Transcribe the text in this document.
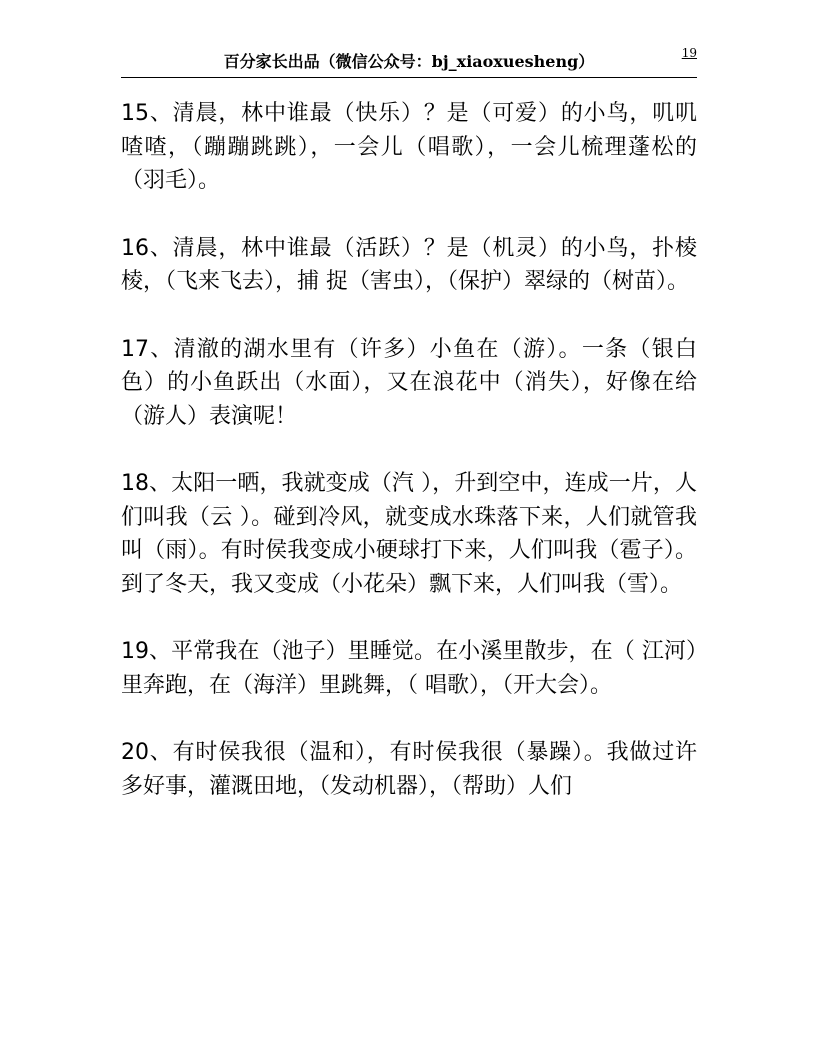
百分家长出品（微信公众号：bj_xiaoxuesheng）	19

15、清晨，林中谁最（快乐）？是（可爱）的小鸟，叽叽喳喳，（蹦蹦跳跳），一会儿（唱歌），一会儿梳理蓬松的（羽毛）。

16、清晨，林中谁最（活跃）？是（机灵）的小鸟，扑棱棱，（飞来飞去），捕 捉（害虫），（保护）翠绿的（树苗）。

17、清澈的湖水里有（许多）小鱼在（游）。一条（银白色）的小鱼跃出（水面），又在浪花中（消失），好像在给（游人）表演呢！

18、太阳一晒，我就变成（汽 ），升到空中，连成一片，人们叫我（云 ）。碰到冷风，就变成水珠落下来，人们就管我叫（雨）。有时侯我变成小硬球打下来，人们叫我（雹子）。到了冬天，我又变成（小花朵）飘下来，人们叫我（雪）。

19、平常我在（池子）里睡觉。在小溪里散步，在（ 江河）里奔跑，在（海洋）里跳舞，（ 唱歌），（开大会）。

20、有时侯我很（温和），有时侯我很（暴躁）。我做过许多好事，灌溉田地，（发动机器），（帮助）人们
